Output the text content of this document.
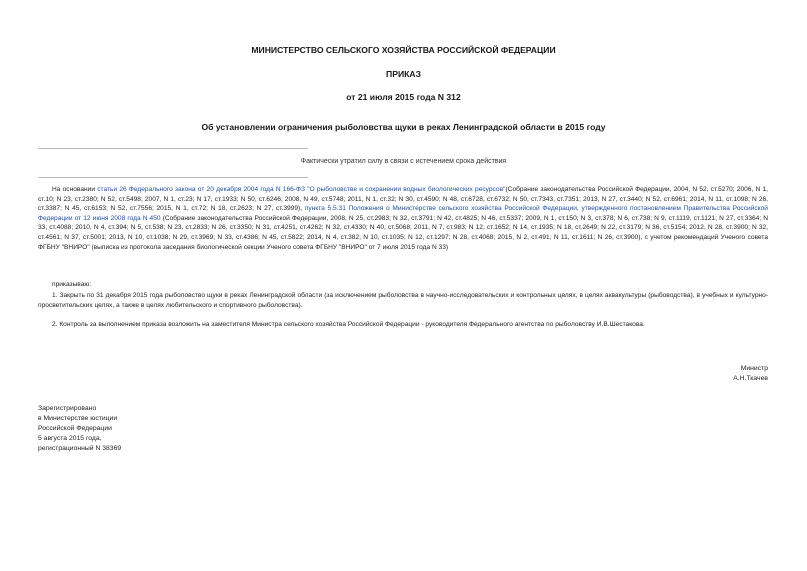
МИНИСТЕРСТВО СЕЛЬСКОГО ХОЗЯЙСТВА РОССИЙСКОЙ ФЕДЕРАЦИИ
ПРИКАЗ
от 21 июля 2015 года N 312
Об установлении ограничения рыболовства щуки в реках Ленинградской области в 2015 году
Фактически утратил силу в связи с истечением срока действия
На основании статьи 26 Федерального закона от 20 декабря 2004 года N 166-ФЗ "О рыболовстве и сохранении водных биологических ресурсов"(Собрание законодательства Российской Федерации, 2004, N 52, ст.5270; 2006, N 1, ст.10; N 23, ст.2380; N 52, ст.5498; 2007, N 1, ст.23; N 17, ст.1933; N 50, ст.6246; 2008, N 49, ст.5748; 2011, N 1, ст.32; N 30, ст.4590; N 48, ст.6728, ст.6732; N 50, ст.7343, ст.7351; 2013, N 27, ст.3440; N 52, ст.6961; 2014, N 11, ст.1098; N 26, ст.3387; N 45, ст.6153; N 52, ст.7556; 2015, N 1, ст.72; N 18, ст.2623; N 27, ст.3999), пункта 5.5.31 Положения о Министерстве сельского хозяйства Российской Федерации, утвержденного постановлением Правительства Российской Федерации от 12 июня 2008 года N 450 (Собрание законодательства Российской Федерации, 2008, N 25, ст.2983; N 32, ст.3791; N 42, ст.4825; N 46, ст.5337; 2009, N 1, ст.150; N 3, ст.378; N 6, ст.738; N 9, ст.1119, ст.1121; N 27, ст.3364; N 33, ст.4088; 2010, N 4, ст.394; N 5, ст.538; N 23, ст.2833; N 26, ст.3350; N 31, ст.4251, ст.4262; N 32, ст.4330; N 40, ст.5068; 2011, N 7, ст.983; N 12, ст.1652; N 14, ст.1935; N 18, ст.2649; N 22, ст.3179; N 36, ст.5154; 2012, N 28, ст.3900; N 32, ст.4561; N 37, ст.5001; 2013, N 10, ст.1038; N 29, ст.3969; N 33, ст.4386; N 45, ст.5822; 2014, N 4, ст.382; N 10, ст.1035; N 12, ст.1297; N 28, ст.4068; 2015, N 2, ст.491; N 11, ст.1611; N 26, ст.3900), с учетом рекомендаций Ученого совета ФГБНУ "ВНИРО" (выписка из протокола заседания биологической секции Ученого совета ФГБНУ "ВНИРО" от 7 июля 2015 года N 33)
приказываю:
1. Закрыть по 31 декабря 2015 года рыболовство щуки в реках Ленинградской области (за исключением рыболовства в научно-исследовательских и контрольных целях, в целях аквакультуры (рыбоводства), в учебных и культурно-просветительских целях, а также в целях любительского и спортивного рыболовства).
2. Контроль за выполнением приказа возложить на заместителя Министра сельского хозяйства Российской Федерации - руководителя Федерального агентства по рыболовству И.В.Шестакова.
Министр
А.Н.Ткачев
Зарегистрировано
в Министерстве юстиции
Российской Федерации
5 августа 2015 года,
регистрационный N 38369
